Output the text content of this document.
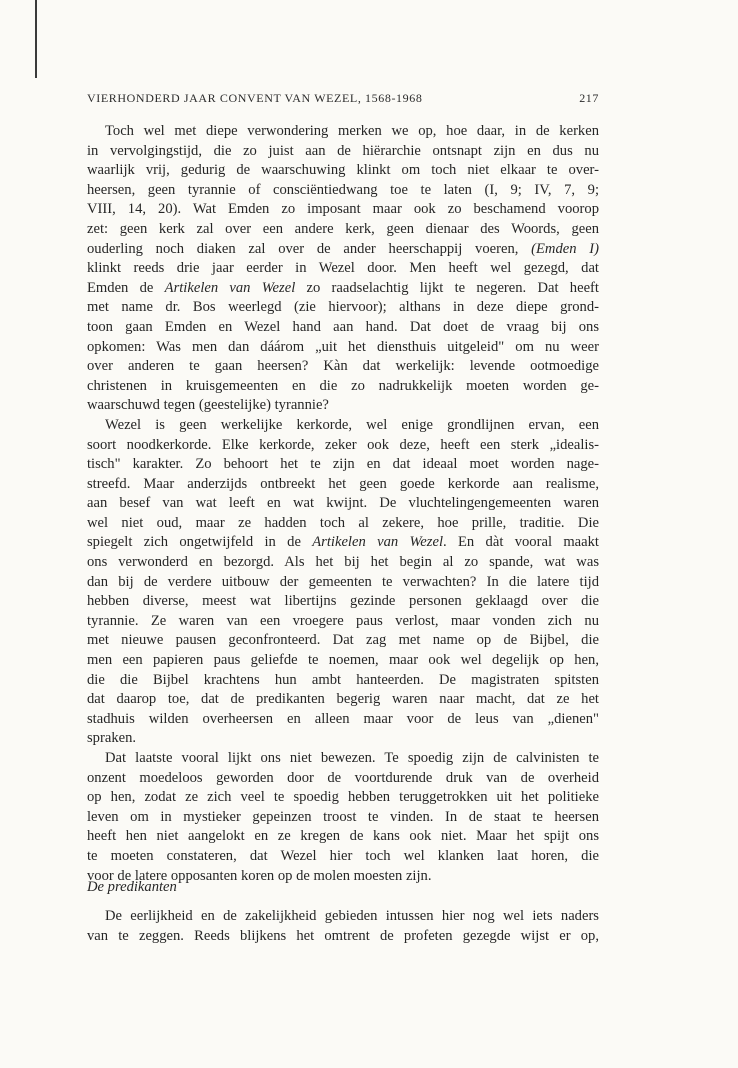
VIERHONDERD JAAR CONVENT VAN WEZEL, 1568-1968	217
Toch wel met diepe verwondering merken we op, hoe daar, in de kerken
in vervolgingstijd, die zo juist aan de hiërarchie ontsnapt zijn en dus nu
waarlijk vrij, gedurig de waarschuwing klinkt om toch niet elkaar te over-
heersen, geen tyrannie of consciëntiedwang toe te laten (I, 9; IV, 7, 9;
VIII, 14, 20). Wat Emden zo imposant maar ook zo beschamend voorop
zet: geen kerk zal over een andere kerk, geen dienaar des Woords, geen
ouderling noch diaken zal over de ander heerschappij voeren, (Emden I)
klinkt reeds drie jaar eerder in Wezel door. Men heeft wel gezegd, dat
Emden de Artikelen van Wezel zo raadselachtig lijkt te negeren. Dat heeft
met name dr. Bos weerlegd (zie hiervoor); althans in deze diepe grond-
toon gaan Emden en Wezel hand aan hand. Dat doet de vraag bij ons
opkomen: Was men dan dáárom „uit het diensthuis uitgeleid" om nu weer
over anderen te gaan heersen? Kàn dat werkelijk: levende ootmoedige
christenen in kruisgemeenten en die zo nadrukkelijk moeten worden ge-
waarschuwd tegen (geestelijke) tyrannie?
Wezel is geen werkelijke kerkorde, wel enige grondlijnen ervan, een
soort noodkerkorde. Elke kerkorde, zeker ook deze, heeft een sterk „idealis-
tisch" karakter. Zo behoort het te zijn en dat ideaal moet worden nage-
streefd. Maar anderzijds ontbreekt het geen goede kerkorde aan realisme,
aan besef van wat leeft en wat kwijnt. De vluchtelingengemeenten waren
wel niet oud, maar ze hadden toch al zekere, hoe prille, traditie. Die
spiegelt zich ongetwijfeld in de Artikelen van Wezel. En dàt vooral maakt
ons verwonderd en bezorgd. Als het bij het begin al zo spande, wat was
dan bij de verdere uitbouw der gemeenten te verwachten? In die latere tijd
hebben diverse, meest wat libertijns gezinde personen geklaagd over die
tyrannie. Ze waren van een vroegere paus verlost, maar vonden zich nu
met nieuwe pausen geconfronteerd. Dat zag met name op de Bijbel, die
men een papieren paus geliefde te noemen, maar ook wel degelijk op hen,
die die Bijbel krachtens hun ambt hanteerden. De magistraten spitsten
dat daarop toe, dat de predikanten begerig waren naar macht, dat ze het
stadhuis wilden overheersen en alleen maar voor de leus van „dienen"
spraken.
Dat laatste vooral lijkt ons niet bewezen. Te spoedig zijn de calvinisten te
onzent moedeloos geworden door de voortdurende druk van de overheid
op hen, zodat ze zich veel te spoedig hebben teruggetrokken uit het politieke
leven om in mystieker gepeinzen troost te vinden. In de staat te heersen
heeft hen niet aangelokt en ze kregen de kans ook niet. Maar het spijt ons
te moeten constateren, dat Wezel hier toch wel klanken laat horen, die
voor de latere opposanten koren op de molen moesten zijn.
De predikanten
De eerlijkheid en de zakelijkheid gebieden intussen hier nog wel iets naders
van te zeggen. Reeds blijkens het omtrent de profeten gezegde wijst er op,
